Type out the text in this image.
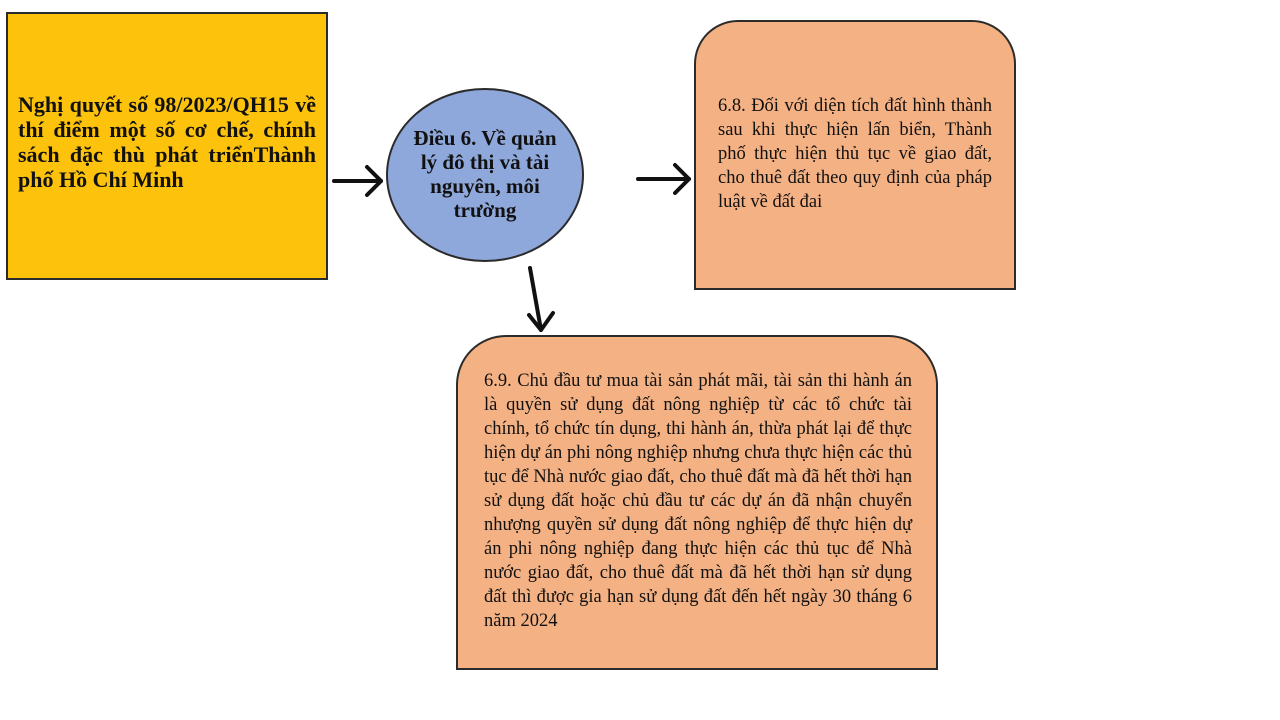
Nghị quyết số 98/2023/QH15 về thí điểm một số cơ chế, chính sách đặc thù phát triểnThành phố Hồ Chí Minh
Điều 6. Về quản lý đô thị và tài nguyên, môi trường
6.8. Đối với diện tích đất hình thành sau khi thực hiện lấn biển, Thành phố thực hiện thủ tục về giao đất, cho thuê đất theo quy định của pháp luật về đất đai
6.9. Chủ đầu tư mua tài sản phát mãi, tài sản thi hành án là quyền sử dụng đất nông nghiệp từ các tổ chức tài chính, tổ chức tín dụng, thi hành án, thừa phát lại để thực hiện dự án phi nông nghiệp nhưng chưa thực hiện các thủ tục để Nhà nước giao đất, cho thuê đất mà đã hết thời hạn sử dụng đất hoặc chủ đầu tư các dự án đã nhận chuyển nhượng quyền sử dụng đất nông nghiệp để thực hiện dự án phi nông nghiệp đang thực hiện các thủ tục để Nhà nước giao đất, cho thuê đất mà đã hết thời hạn sử dụng đất thì được gia hạn sử dụng đất đến hết ngày 30 tháng 6 năm 2024
